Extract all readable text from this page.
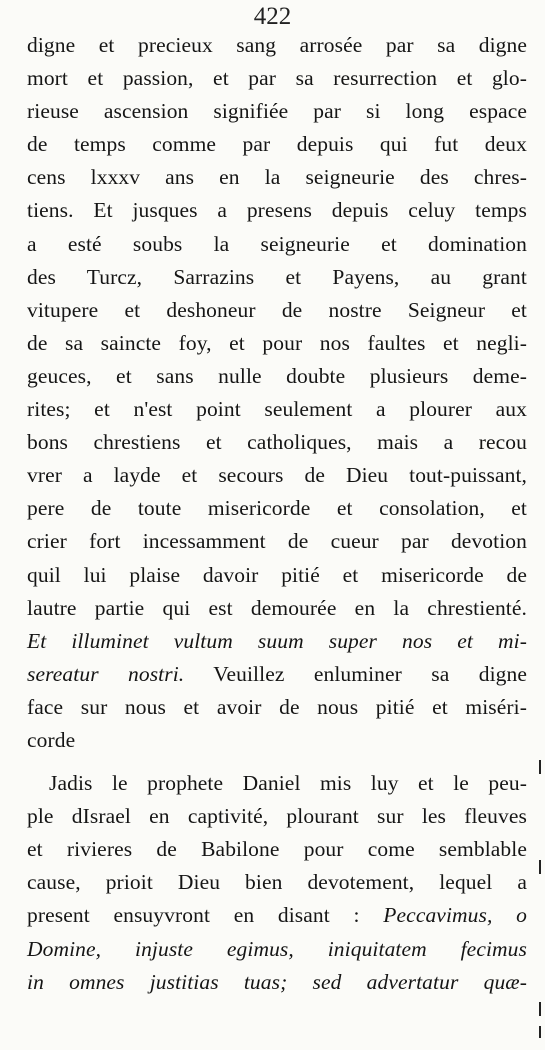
422
digne et precieux sang arrosée par sa digne
mort et passion, et par sa resurrection et glo-
rieuse ascension signifiée par si long espace
de temps comme par depuis qui fut deux
cens lxxxv ans en la seigneurie des chres-
tiens. Et jusques a presens depuis celuy temps
a esté soubs la seigneurie et domination
des Turcz, Sarrazins et Payens, au grant
vitupere et deshoneur de nostre Seigneur et
de sa saincte foy, et pour nos faultes et negli-
geuces, et sans nulle doubte plusieurs deme-
rites; et n'est point seulement a plourer aux
bons chrestiens et catholiques, mais a recou
vrer a layde et secours de Dieu tout-puissant,
pere de toute misericorde et consolation, et
crier fort incessamment de cueur par devotion
quil lui plaise davoir pitié et misericorde de
lautre partie qui est demourée en la chrestienté.
Et illuminet vultum suum super nos et mi-
sereatur nostri. Veuillez enluminer sa digne
face sur nous et avoir de nous pitié et miséri-
corde
Jadis le prophete Daniel mis luy et le peu-
ple dIsrael en captivité, plourant sur les fleuves
et rivieres de Babilone pour come semblable
cause, prioit Dieu bien devotement, lequel a
present ensuyvront en disant : Peccavimus, o
Domine, injuste egimus, iniquitatem fecimus
in omnes justitias tuas; sed advertatur quæ-
